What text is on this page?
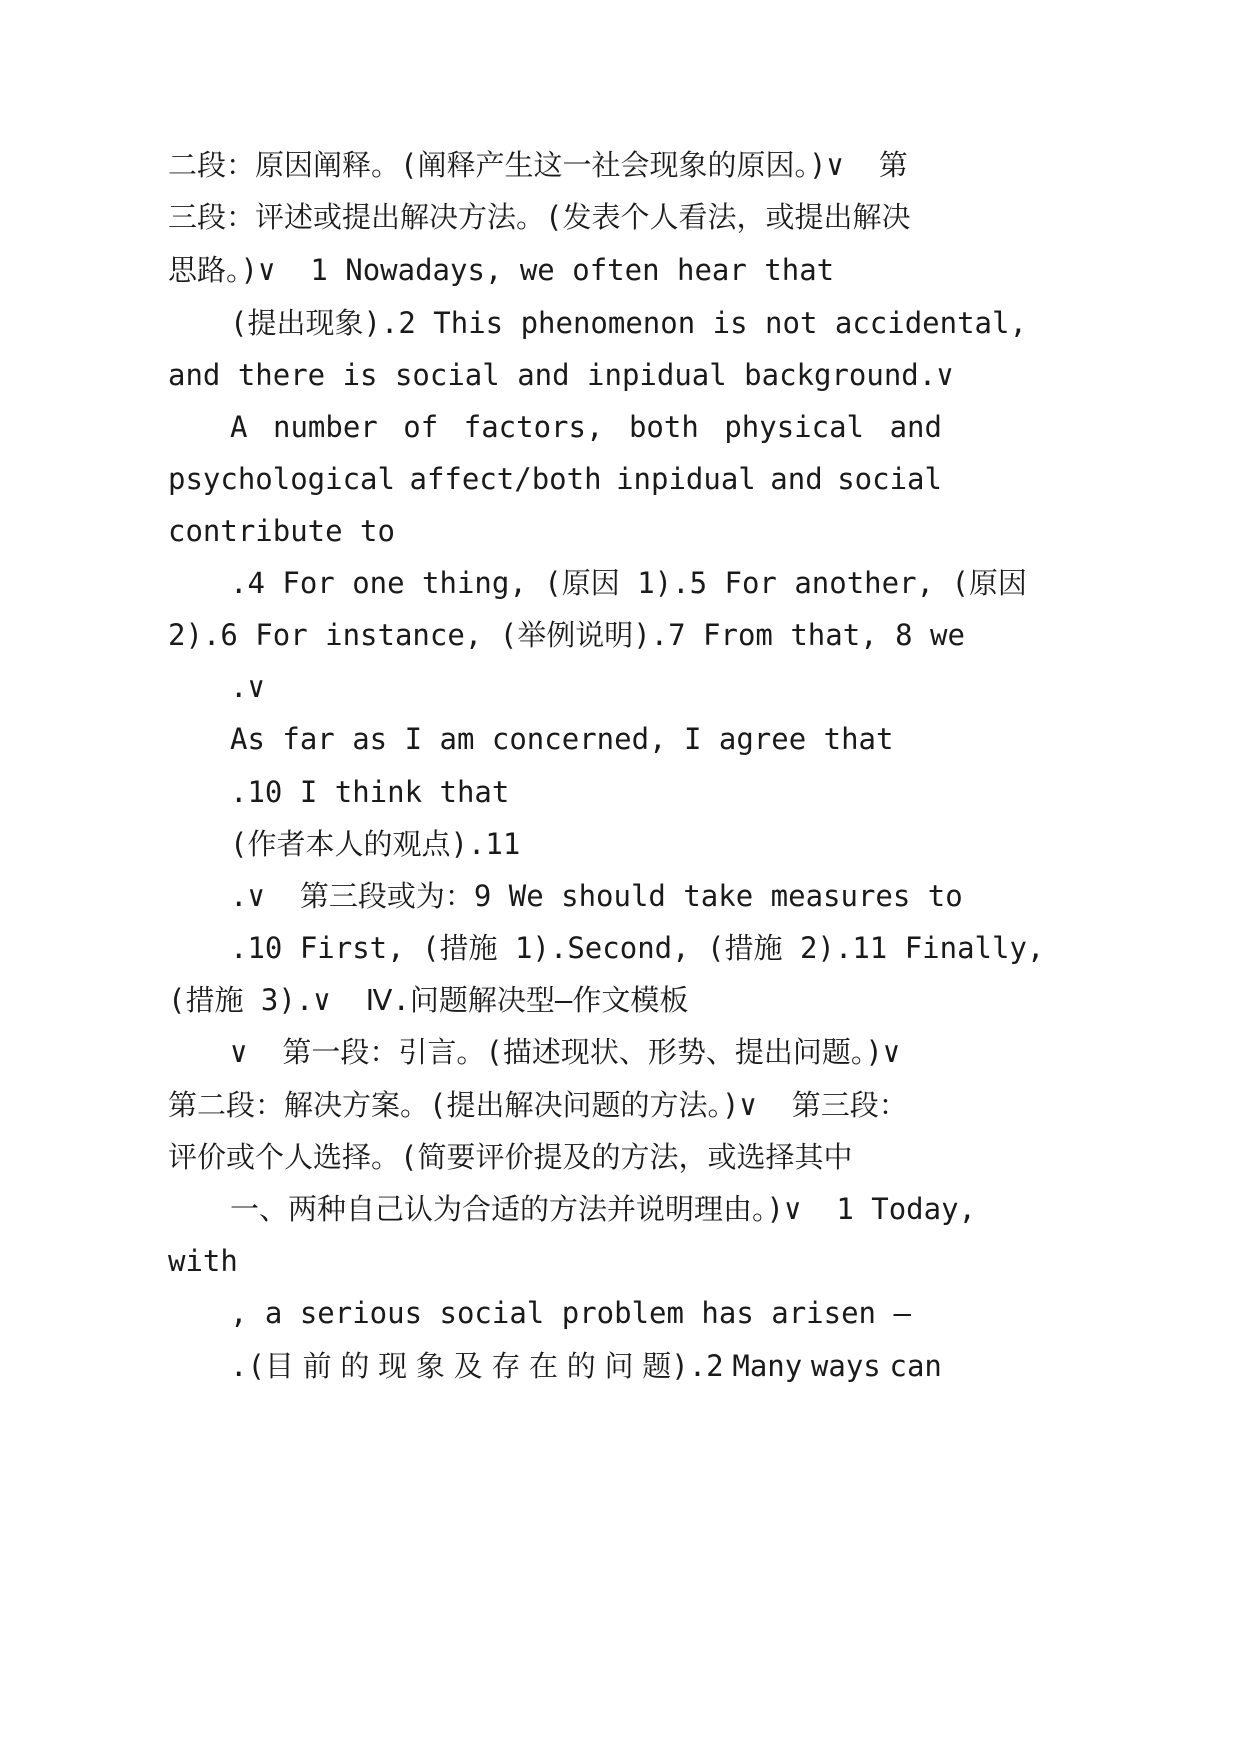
二段：原因阐释。(阐释产生这一社会现象的原因。)∨  第
三段：评述或提出解决方法。(发表个人看法，或提出解决
思路。)∨  1 Nowadays, we often hear that
(提出现象).2 This phenomenon is not accidental,
and there is social and inpidual background.∨
A number of factors, both physical and
psychological affect/both inpidual and social
contribute to
.4 For one thing, (原因 1).5 For another, (原因
2).6 For instance, (举例说明).7 From that, 8 we
.∨
As far as I am concerned, I agree that
.10 I think that
(作者本人的观点).11
.∨  第三段或为：9 We should take measures to
.10 First, (措施 1).Second, (措施 2).11 Finally,
(措施 3).∨  Ⅳ.问题解决型—作文模板
∨  第一段：引言。(描述现状、形势、提出问题。)∨
第二段：解决方案。(提出解决问题的方法。)∨  第三段：
评价或个人选择。(简要评价提及的方法，或选择其中
一、两种自己认为合适的方法并说明理由。)∨  1 Today,
with
, a serious social problem has arisen —
.(目 前 的 现 象 及 存 在 的 问 题).2 Many ways can
